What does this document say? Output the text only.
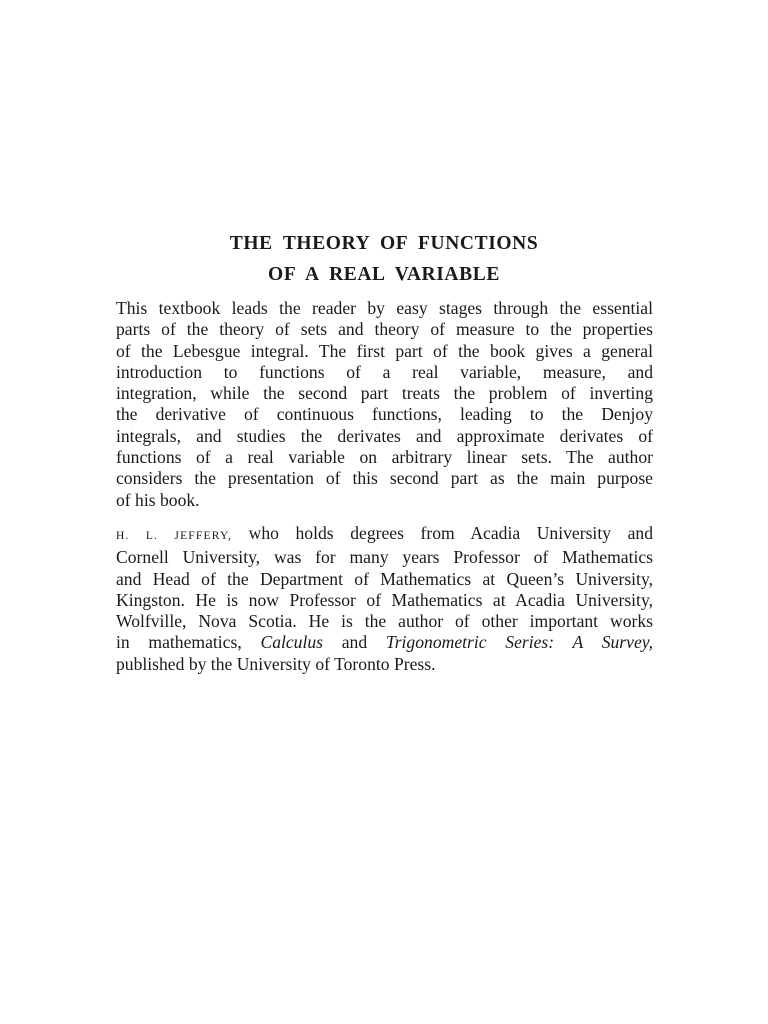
THE THEORY OF FUNCTIONS
OF A REAL VARIABLE
This textbook leads the reader by easy stages through the essential
parts of the theory of sets and theory of measure to the properties
of the Lebesgue integral. The first part of the book gives a general
introduction to functions of a real variable, measure, and
integration, while the second part treats the problem of inverting
the derivative of continuous functions, leading to the Denjoy
integrals, and studies the derivates and approximate derivates of
functions of a real variable on arbitrary linear sets. The author
considers the presentation of this second part as the main purpose
of his book.
H. L. JEFFERY, who holds degrees from Acadia University and
Cornell University, was for many years Professor of Mathematics
and Head of the Department of Mathematics at Queen’s University,
Kingston. He is now Professor of Mathematics at Acadia University,
Wolfville, Nova Scotia. He is the author of other important works
in mathematics, Calculus and Trigonometric Series: A Survey,
published by the University of Toronto Press.
